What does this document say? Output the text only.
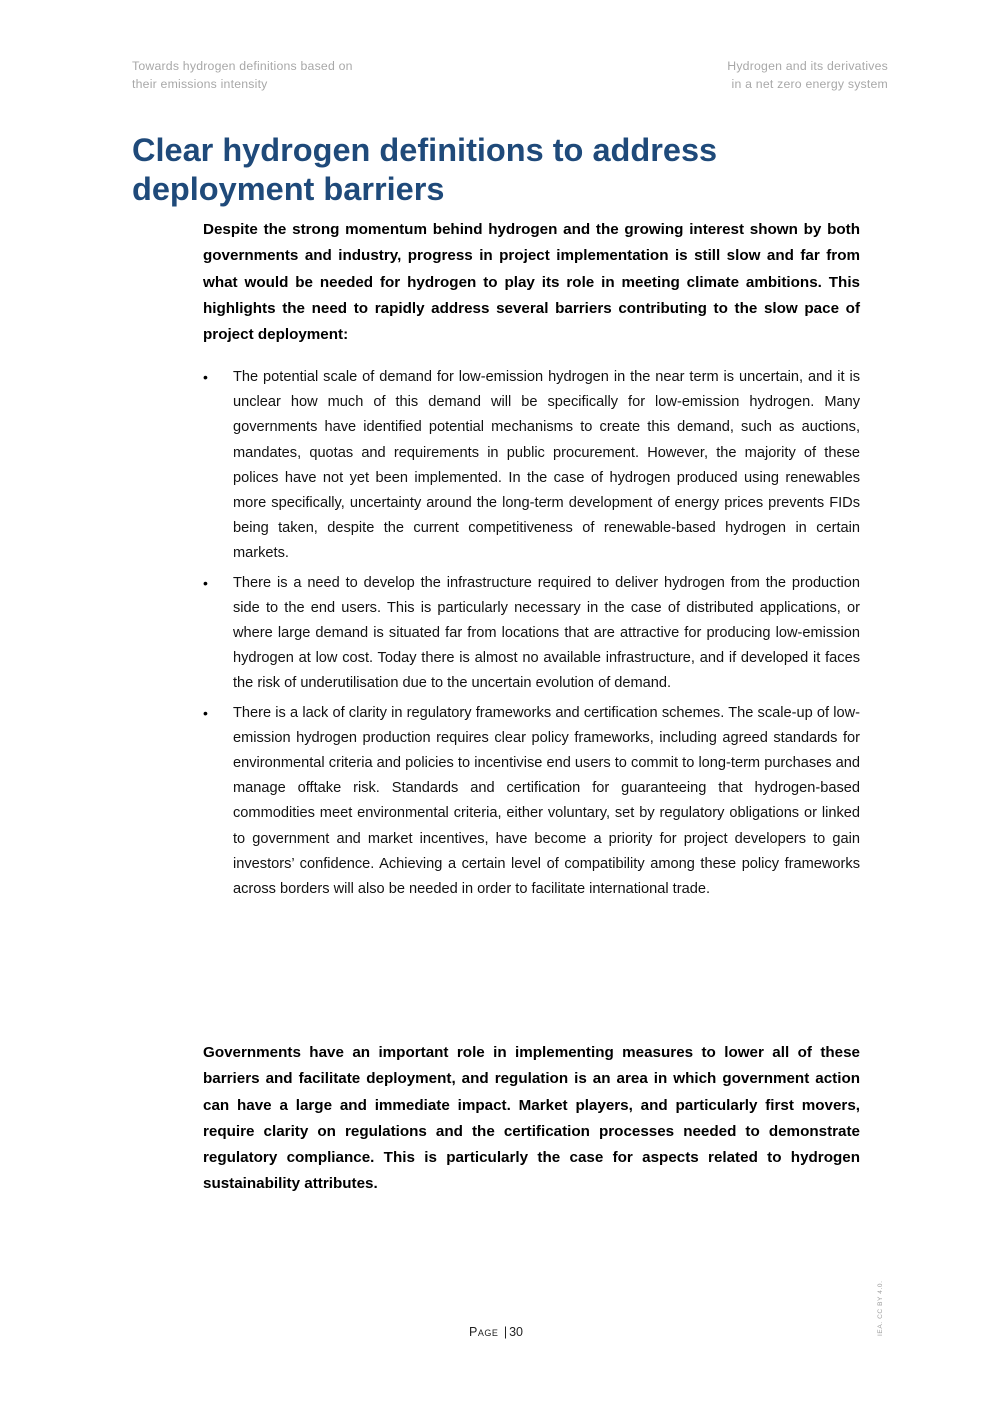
Towards hydrogen definitions based on
their emissions intensity
Hydrogen and its derivatives
in a net zero energy system
Clear hydrogen definitions to address
deployment barriers

Despite the strong momentum behind hydrogen and the growing interest shown by both governments and industry, progress in project implementation is still slow and far from what would be needed for hydrogen to play its role in meeting climate ambitions. This highlights the need to rapidly address several barriers contributing to the slow pace of project deployment:

• The potential scale of demand for low-emission hydrogen in the near term is uncertain, and it is unclear how much of this demand will be specifically for low-emission hydrogen. Many governments have identified potential mechanisms to create this demand, such as auctions, mandates, quotas and requirements in public procurement. However, the majority of these polices have not yet been implemented. In the case of hydrogen produced using renewables more specifically, uncertainty around the long-term development of energy prices prevents FIDs being taken, despite the current competitiveness of renewable-based hydrogen in certain markets.
• There is a need to develop the infrastructure required to deliver hydrogen from the production side to the end users. This is particularly necessary in the case of distributed applications, or where large demand is situated far from locations that are attractive for producing low-emission hydrogen at low cost. Today there is almost no available infrastructure, and if developed it faces the risk of underutilisation due to the uncertain evolution of demand.
• There is a lack of clarity in regulatory frameworks and certification schemes. The scale-up of low-emission hydrogen production requires clear policy frameworks, including agreed standards for environmental criteria and policies to incentivise end users to commit to long-term purchases and manage offtake risk. Standards and certification for guaranteeing that hydrogen-based commodities meet environmental criteria, either voluntary, set by regulatory obligations or linked to government and market incentives, have become a priority for project developers to gain investors’ confidence. Achieving a certain level of compatibility among these policy frameworks across borders will also be needed in order to facilitate international trade.

Governments have an important role in implementing measures to lower all of these barriers and facilitate deployment, and regulation is an area in which government action can have a large and immediate impact. Market players, and particularly first movers, require clarity on regulations and the certification processes needed to demonstrate regulatory compliance. This is particularly the case for aspects related to hydrogen sustainability attributes.

Page | 30	IEA. CC BY 4.0.
